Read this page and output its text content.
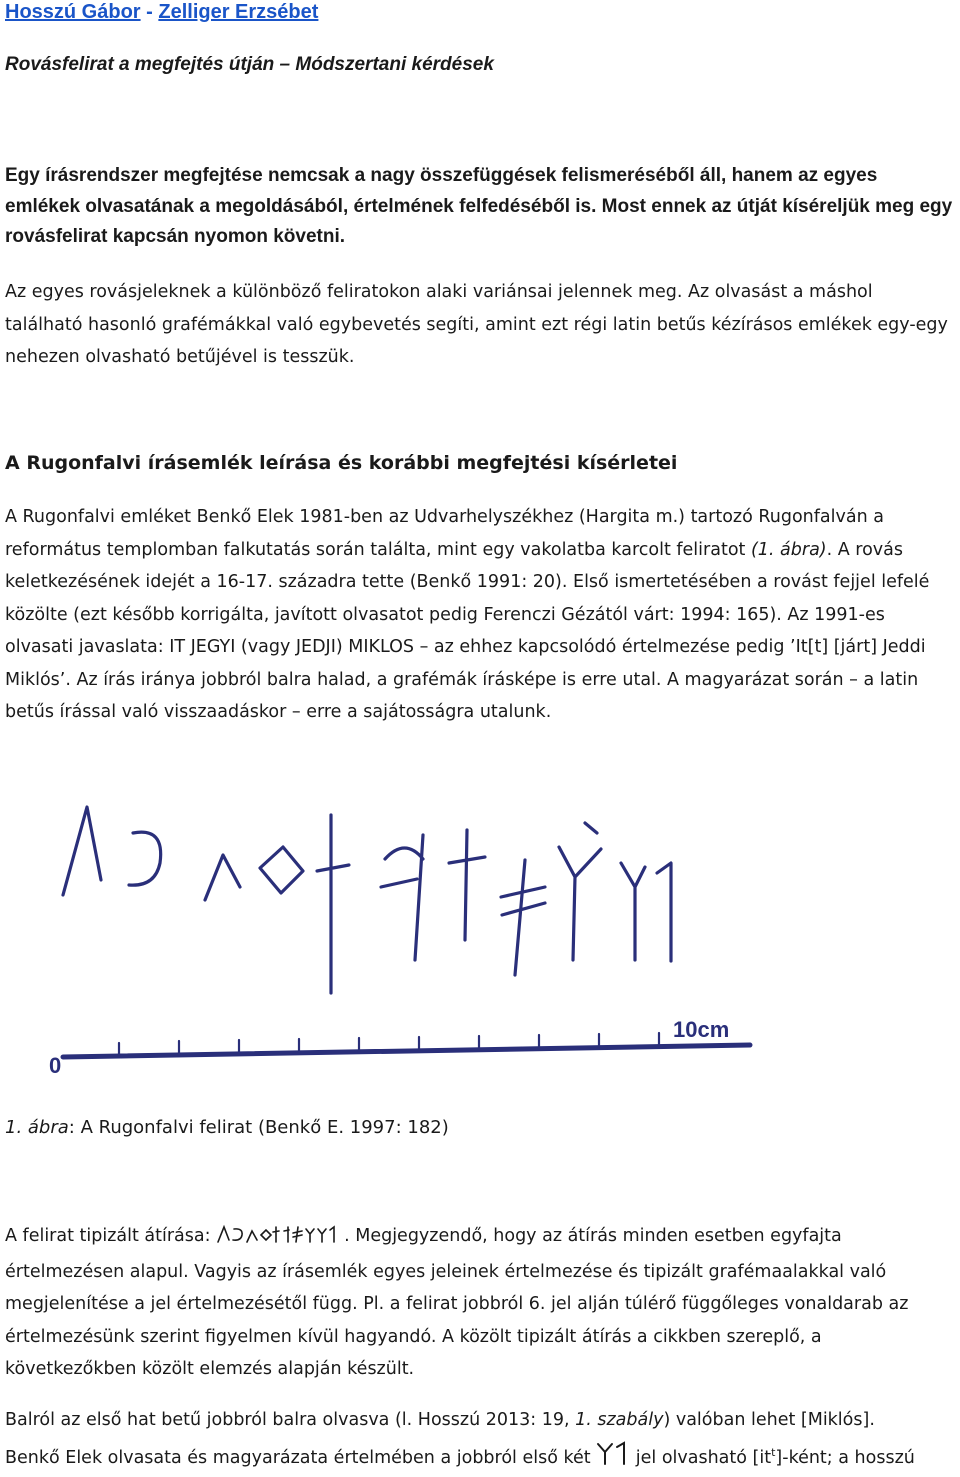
Hosszú Gábor - Zelliger Erzsébet
Rovásfelirat a megfejtés útján – Módszertani kérdések
Egy írásrendszer megfejtése nemcsak a nagy összefüggések felismeréséből áll, hanem az egyes emlékek olvasatának a megoldásából, értelmének felfedéséből is. Most ennek az útját kíséreljük meg egy rovásfelirat kapcsán nyomon követni.
Az egyes rovásjeleknek a különböző feliratokon alaki variánsai jelennek meg. Az olvasást a máshol található hasonló grafémákkal való egybevetés segíti, amint ezt régi latin betűs kézírásos emlékek egy-egy nehezen olvasható betűjével is tesszük.
A Rugonfalvi írásemlék leírása és korábbi megfejtési kísérletei
A Rugonfalvi emléket Benkő Elek 1981-ben az Udvarhelyszékhez (Hargita m.) tartozó Rugonfalván a református templomban falkutatás során találta, mint egy vakolatba karcolt feliratot (1. ábra). A rovás keletkezésének idejét a 16-17. századra tette (Benkő 1991: 20). Első ismertetésében a rovást fejjel lefelé közölte (ezt később korrigálta, javított olvasatot pedig Ferenczi Gézától várt: 1994: 165). Az 1991-es olvasati javaslata: IT JEGYI (vagy JEDJI) MIKLOS – az ehhez kapcsolódó értelmezése pedig ’It[t] [járt] Jeddi Miklós’. Az írás iránya jobbról balra halad, a grafémák írásképe is erre utal. A magyarázat során – a latin betűs írással való visszaadáskor – erre a sajátosságra utalunk.
0
10cm
1. ábra: A Rugonfalvi felirat (Benkő E. 1997: 182)
A felirat tipizált átírása:	. Megjegyzendő, hogy az átírás minden esetben egyfajta értelmezésen alapul. Vagyis az írásemlék egyes jeleinek értelmezése és tipizált grafémaalakkal való megjelenítése a jel értelmezésétől függ. Pl. a felirat jobbról 6. jel alján túlérő függőleges vonaldarab az értelmezésünk szerint figyelmen kívül hagyandó. A közölt tipizált átírás a cikkben szereplő, a következőkben közölt elemzés alapján készült.
Balról az első hat betű jobbról balra olvasva (l. Hosszú 2013: 19, 1. szabály) valóban lehet [Miklós].
Benkő Elek olvasata és magyarázata értelmében a jobbról első két  jel olvasható $[it^t]$-ként; a hosszú
